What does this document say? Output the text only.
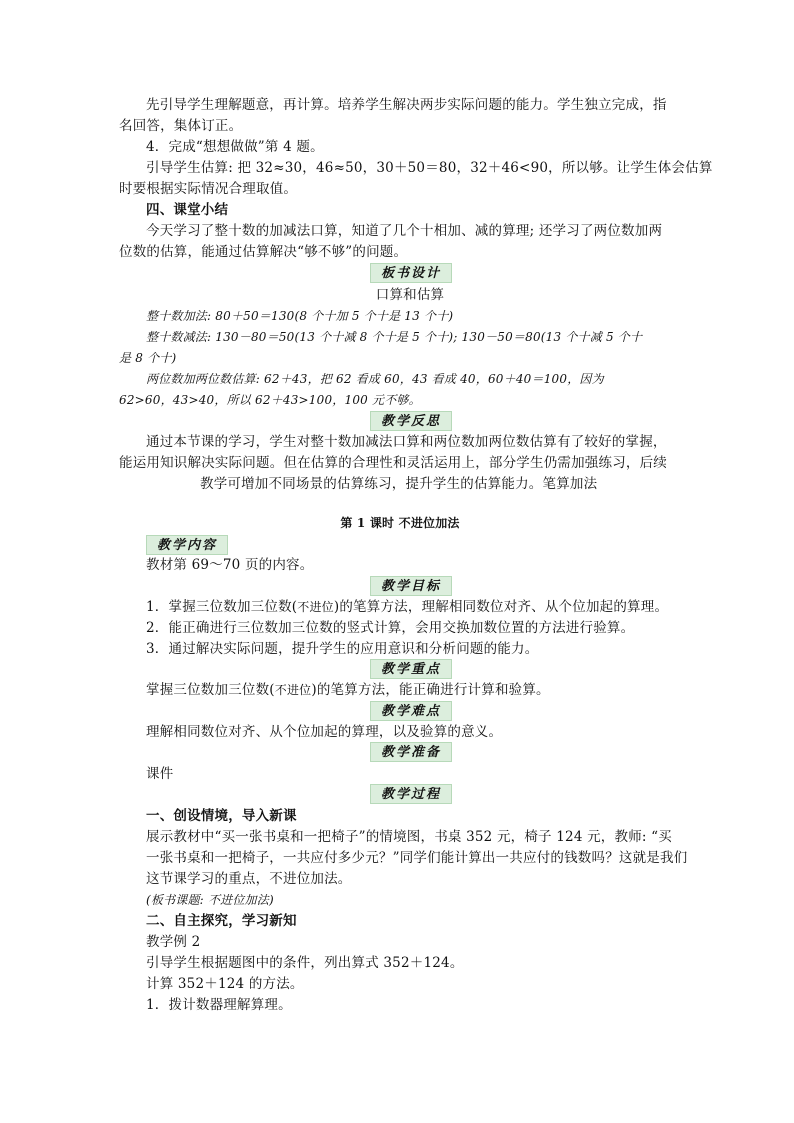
先引导学生理解题意，再计算。培养学生解决两步实际问题的能力。学生独立完成，指
名回答，集体订正。
4．完成“想想做做”第 4 题。
引导学生估算: 把 32≈30，46≈50，30＋50＝80，32＋46<90，所以够。让学生体会估算
时要根据实际情况合理取值。
四、课堂小结
今天学习了整十数的加减法口算，知道了几个十相加、减的算理; 还学习了两位数加两
位数的估算，能通过估算解决“够不够”的问题。
板书设计
口算和估算
整十数加法: 80＋50＝130(8 个十加 5 个十是 13 个十)
整十数减法: 130－80＝50(13 个十减 8 个十是 5 个十); 130－50＝80(13 个十减 5 个十
是 8 个十)
两位数加两位数估算: 62＋43，把 62 看成 60，43 看成 40，60＋40＝100，因为
62>60，43>40，所以 62＋43>100，100 元不够。
教学反思
通过本节课的学习，学生对整十数加减法口算和两位数加两位数估算有了较好的掌握，
能运用知识解决实际问题。但在估算的合理性和灵活运用上，部分学生仍需加强练习，后续
教学可增加不同场景的估算练习，提升学生的估算能力。笔算加法
第 1 课时 不进位加法
教学内容
教材第 69～70 页的内容。
教学目标
1．掌握三位数加三位数(不进位)的笔算方法，理解相同数位对齐、从个位加起的算理。
2．能正确进行三位数加三位数的竖式计算，会用交换加数位置的方法进行验算。
3．通过解决实际问题，提升学生的应用意识和分析问题的能力。
教学重点
掌握三位数加三位数(不进位)的笔算方法，能正确进行计算和验算。
教学难点
理解相同数位对齐、从个位加起的算理，以及验算的意义。
教学准备
课件
教学过程
一、创设情境，导入新课
展示教材中“买一张书桌和一把椅子”的情境图，书桌 352 元，椅子 124 元，教师: “买
一张书桌和一把椅子，一共应付多少元？”同学们能计算出一共应付的钱数吗？这就是我们
这节课学习的重点，不进位加法。
(板书课题: 不进位加法)
二、自主探究，学习新知
教学例 2
引导学生根据题图中的条件，列出算式 352＋124。
计算 352＋124 的方法。
1．拨计数器理解算理。
